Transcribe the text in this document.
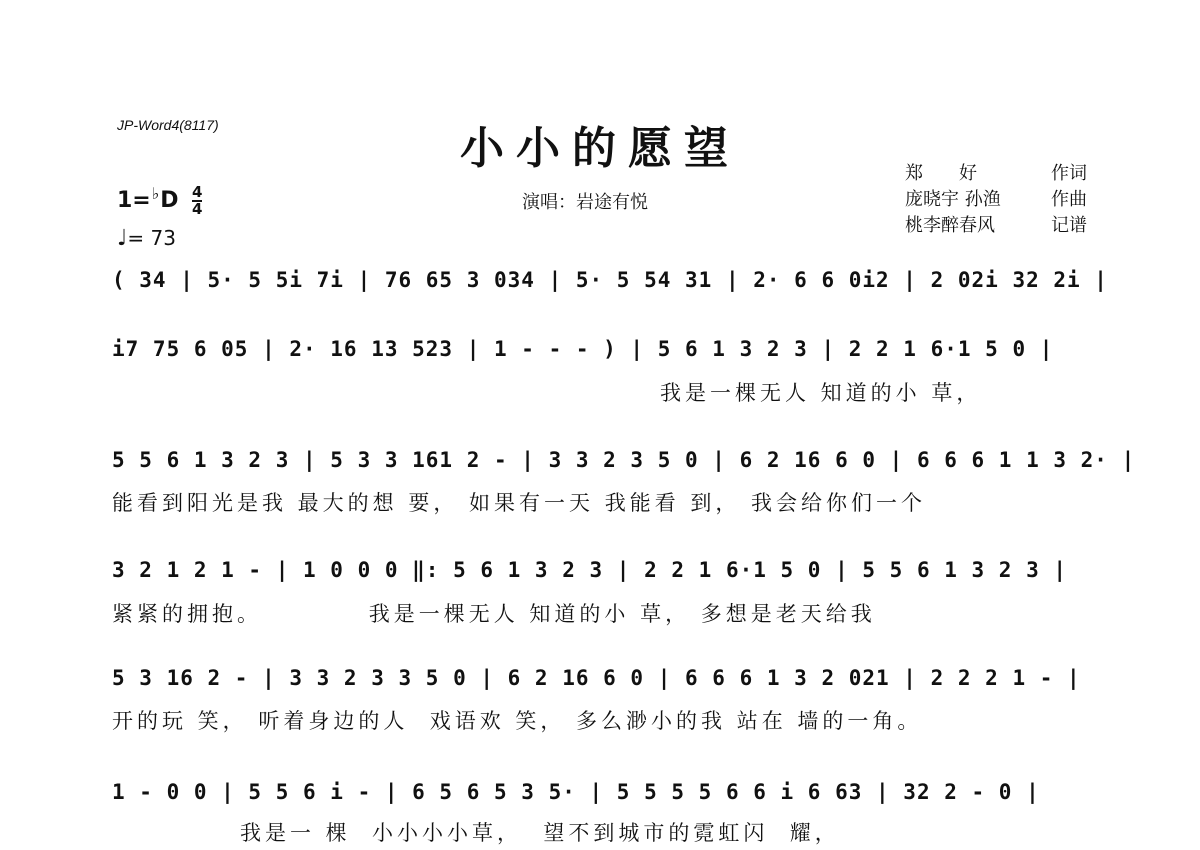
JP-Word4(8117)	小小的愿望
演唱：岩途有悦
郑　　好	作词
庞晓宇 孙渔	作曲
桃李醉春风	记谱
1=♭D 4
4
♩= 73
( 34 | 5· 5 5i 7i | 76 65 3 034 | 5· 5 54 31 | 2· 6 6 0i2 | 2 02i 32 2i |
i7 75 6 05 | 2· 16 13 523 | 1 - - - ) | 5 6 1 3 2 3 | 2 2 1 6·1 5 0 |
我是一棵无人 知道的小 草，
5 5 6 1 3 2 3 | 5 3 3 161 2 - | 3 3 2 3 5 0 | 6 2 16 6 0 | 6 6 6 1 1 3 2· |
能看到阳光是我 最大的想 要， 如果有一天 我能看 到， 我会给你们一个
3 2 1 2 1 - | 1 0 0 0 ‖: 5 6 1 3 2 3 | 2 2 1 6·1 5 0 | 5 5 6 1 3 2 3 |
紧紧的拥抱。          我是一棵无人 知道的小 草， 多想是老天给我
5 3 16 2 - | 3 3 2 3 3 5 0 | 6 2 16 6 0 | 6 6 6 1 3 2 021 | 2 2 2 1 - |
开的玩 笑， 听着身边的人  戏语欢 笑， 多么渺小的我 站在 墙的一角。
1 - 0 0 | 5 5 6 i - | 6 5 6 5 3 5· | 5 5 5 5 6 6 i 6 63 | 32 2 - 0 |
我是一 棵  小小小小草，  望不到城市的霓虹闪  耀，
